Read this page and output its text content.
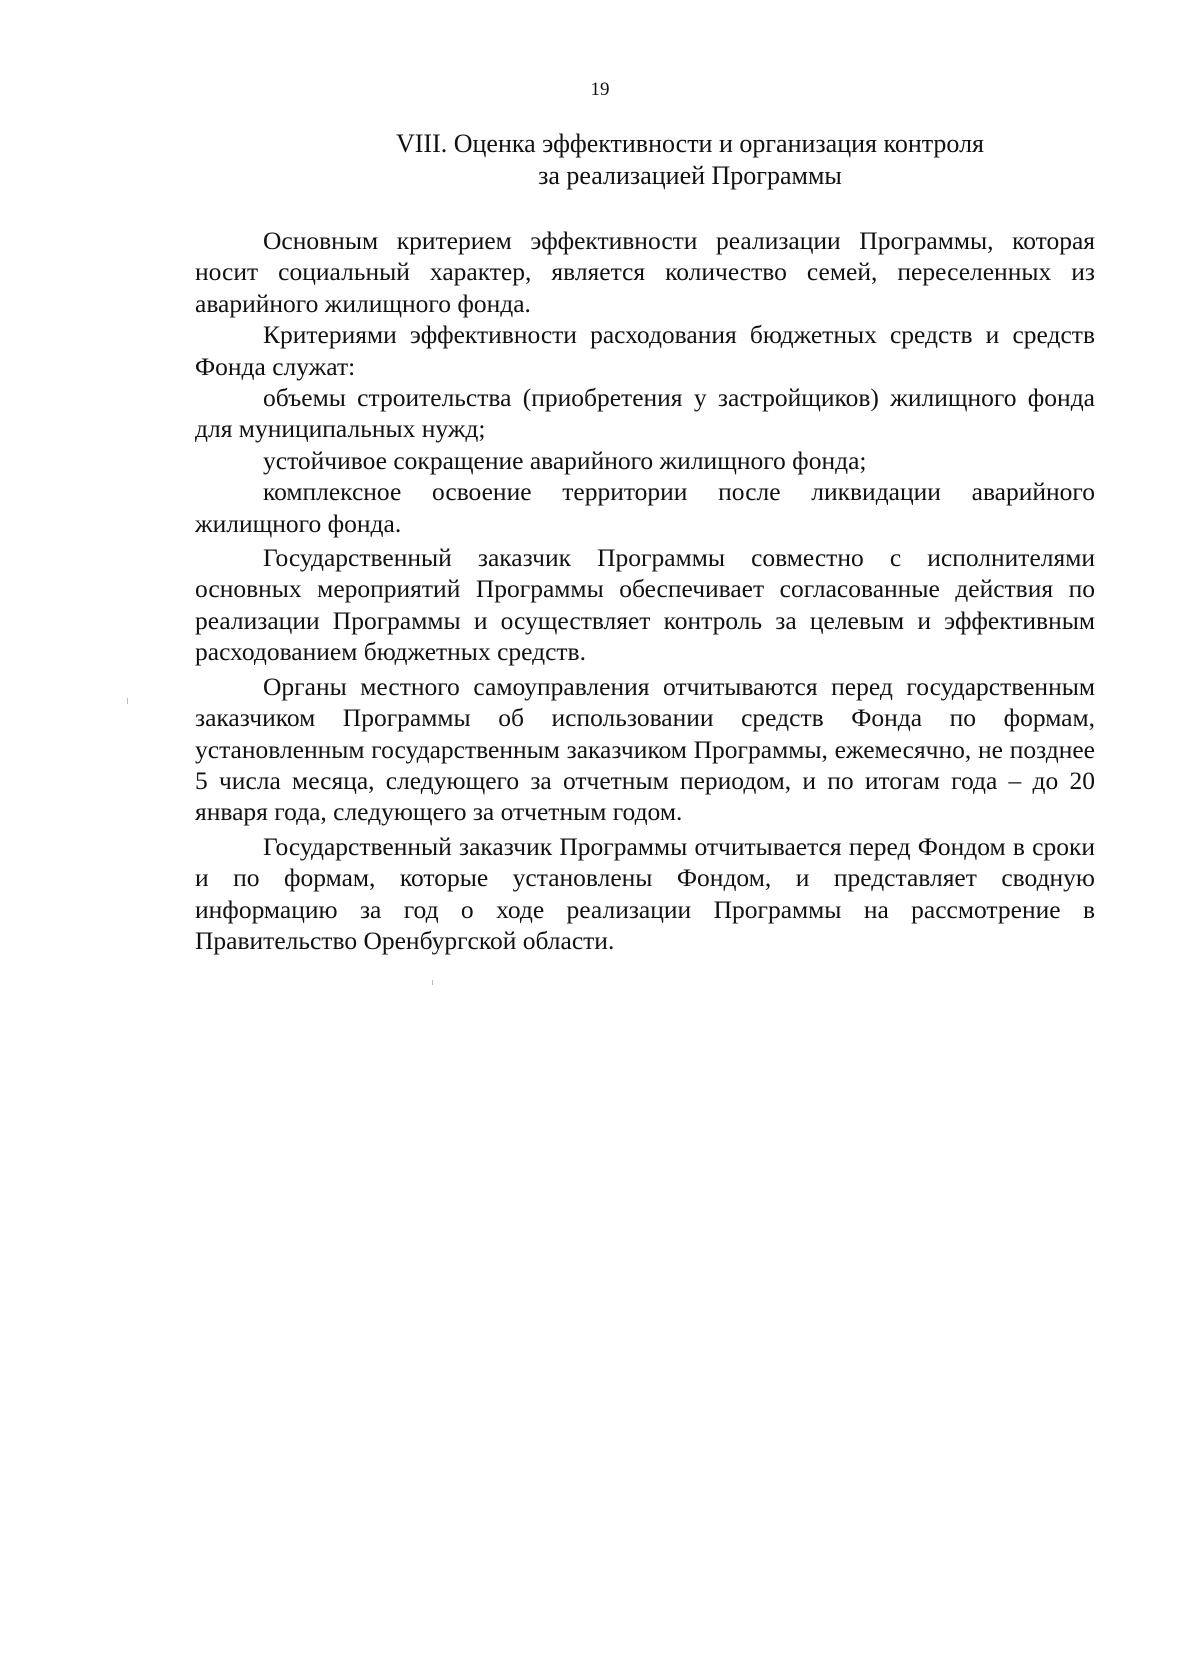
19
VIII. Оценка эффективности и организация контроля
за реализацией Программы

Основным критерием эффективности реализации Программы, которая носит социальный характер, является количество семей, переселенных из аварийного жилищного фонда.

Критериями эффективности расходования бюджетных средств и средств Фонда служат:

объемы строительства (приобретения у застройщиков) жилищного фонда для муниципальных нужд;

устойчивое сокращение аварийного жилищного фонда;

комплексное освоение территории после ликвидации аварийного жилищного фонда.

Государственный заказчик Программы совместно с исполнителями основных мероприятий Программы обеспечивает согласованные действия по реализации Программы и осуществляет контроль за целевым и эффективным расходованием бюджетных средств.

Органы местного самоуправления отчитываются перед государственным заказчиком Программы об использовании средств Фонда по формам, установленным государственным заказчиком Программы, ежемесячно, не позднее 5 числа месяца, следующего за отчетным периодом, и по итогам года – до 20 января года, следующего за отчетным годом.

Государственный заказчик Программы отчитывается перед Фондом в сроки и по формам, которые установлены Фондом, и представляет сводную информацию за год о ходе реализации Программы на рассмотрение в Правительство Оренбургской области.
